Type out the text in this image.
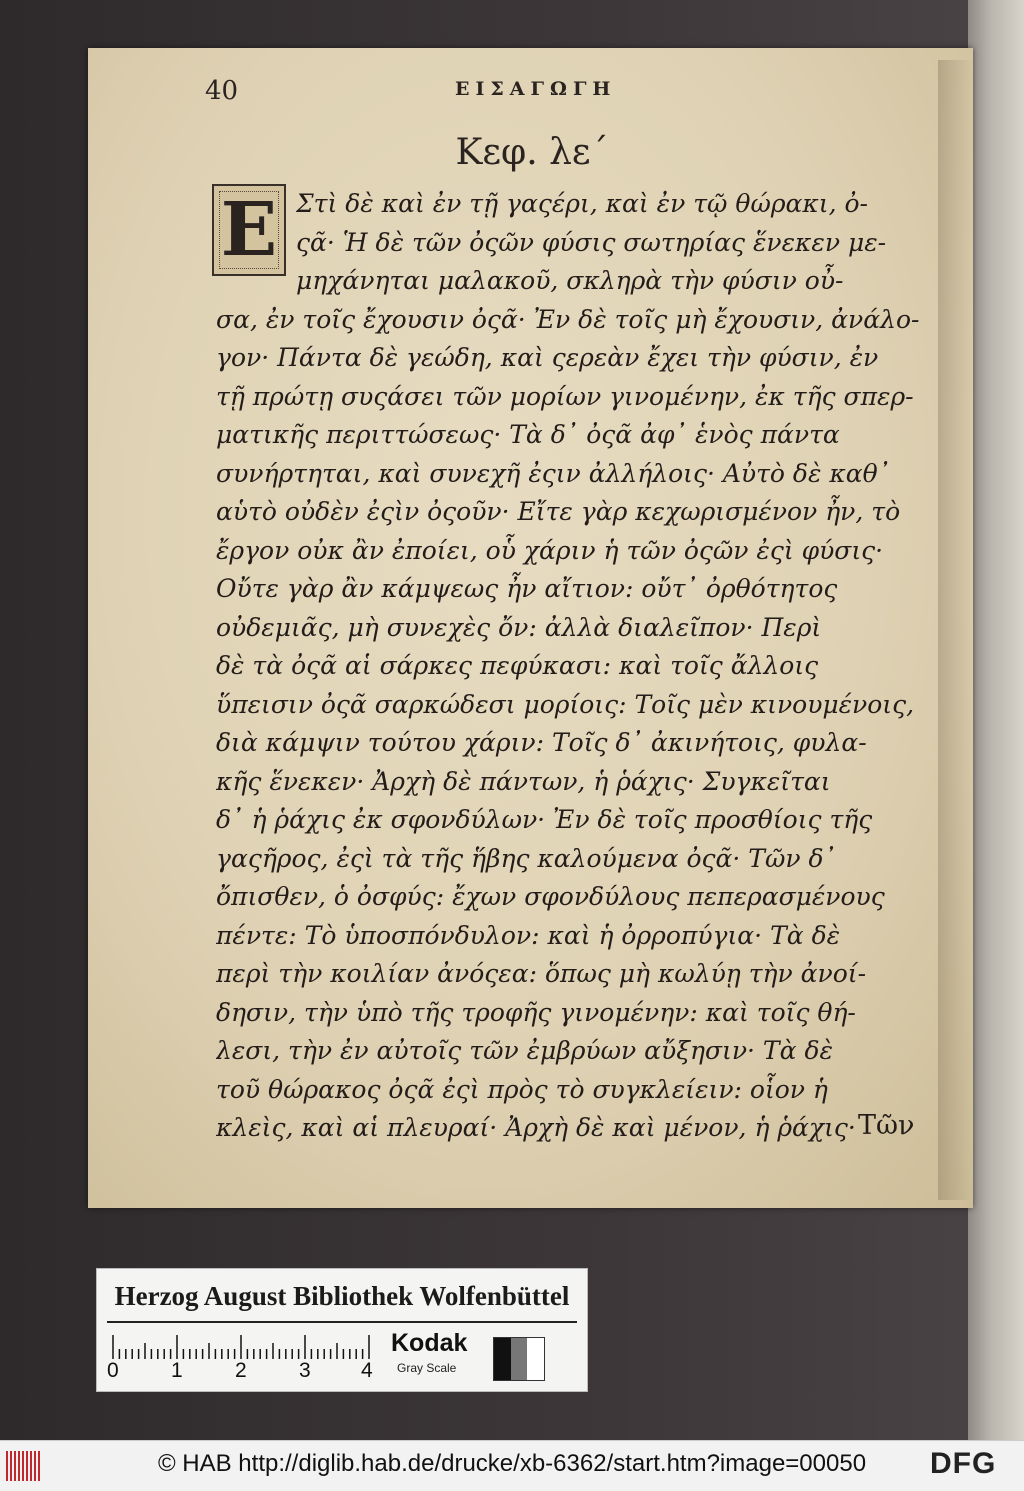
40	ΕΙΣΑΓΩΓΗ
Κεφ. λε´
Ε Στὶ δὲ καὶ ἐν τῇ γαςέρι, καὶ ἐν τῷ θώρακι, ὀ-
ςᾶ· Ἡ δὲ τῶν ὀςῶν φύσις σωτηρίας ἕνεκεν με-
μηχάνηται μαλακοῦ, σκληρὰ τὴν φύσιν οὖ-
σα, ἐν τοῖς ἔχουσιν ὀςᾶ· Ἐν δὲ τοῖς μὴ ἔχουσιν, ἀνάλο-
γον· Πάντα δὲ γεώδη, καὶ ςερεὰν ἔχει τὴν φύσιν, ἐν
τῇ πρώτῃ συςάσει τῶν μορίων γινομένην, ἐκ τῆς σπερ-
ματικῆς περιττώσεως· Τὰ δ᾽ ὀςᾶ ἀφ᾽ ἑνὸς πάντα
συνήρτηται, καὶ συνεχῆ ἐςιν ἀλλήλοις· Αὐτὸ δὲ καθ᾽
αὑτὸ οὐδὲν ἐςὶν ὀςοῦν· Εἴτε γὰρ κεχωρισμένον ἦν, τὸ
ἔργον οὐκ ἂν ἐποίει, οὗ χάριν ἡ τῶν ὀςῶν ἐςὶ φύσις·
Οὔτε γὰρ ἂν κάμψεως ἦν αἴτιον: οὔτ᾽ ὀρθότητος
οὐδεμιᾶς, μὴ συνεχὲς ὄν: ἀλλὰ διαλεῖπον· Περὶ
δὲ τὰ ὀςᾶ αἱ σάρκες πεφύκασι: καὶ τοῖς ἄλλοις
ὕπεισιν ὀςᾶ σαρκώδεσι μορίοις: Τοῖς μὲν κινουμένοις,
διὰ κάμψιν τούτου χάριν: Τοῖς δ᾽ ἀκινήτοις, φυλα-
κῆς ἕνεκεν· Ἀρχὴ δὲ πάντων, ἡ ῥάχις· Συγκεῖται
δ᾽ ἡ ῥάχις ἐκ σφονδύλων· Ἐν δὲ τοῖς προσθίοις τῆς
γαςῆρος, ἐςὶ τὰ τῆς ἥβης καλούμενα ὀςᾶ· Τῶν δ᾽
ὄπισθεν, ὁ ὀσφύς: ἔχων σφονδύλους πεπερασμένους
πέντε: Τὸ ὑποσπόνδυλον: καὶ ἡ ὀρροπύγια· Τὰ δὲ
περὶ τὴν κοιλίαν ἀνόςεα: ὅπως μὴ κωλύῃ τὴν ἀνοί-
δησιν, τὴν ὑπὸ τῆς τροφῆς γινομένην: καὶ τοῖς θή-
Τῶν
Herzog August Bibliothek Wolfenbüttel
0 1 2 3 4
Kodak
Gray Scale
© HAB http://diglib.hab.de/drucke/xb-6362/start.htm?image=00050	DFG
λεσι, τὴν ἐν αὐτοῖς τῶν ἐμβρύων αὔξησιν· Τὰ δὲ
τοῦ θώρακος ὀςᾶ ἐςὶ πρὸς τὸ συγκλείειν: οἷον ἡ
κλεὶς, καὶ αἱ πλευραί· Ἀρχὴ δὲ καὶ μένον, ἡ ῥάχις·
